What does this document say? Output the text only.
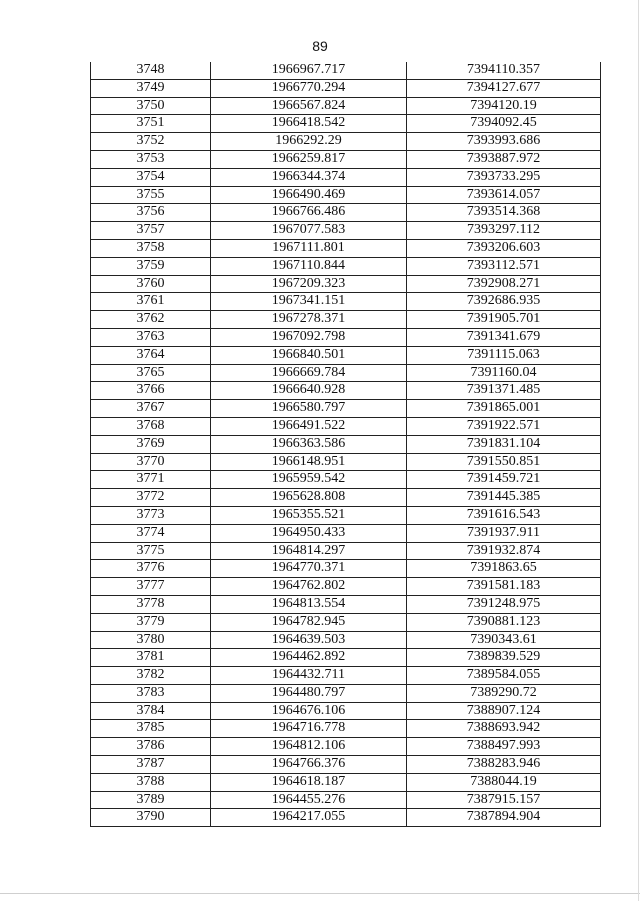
89
3748	1966967.717	7394110.357
3749	1966770.294	7394127.677
3750	1966567.824	7394120.19
3751	1966418.542	7394092.45
3752	1966292.29	7393993.686
3753	1966259.817	7393887.972
3754	1966344.374	7393733.295
3755	1966490.469	7393614.057
3756	1966766.486	7393514.368
3757	1967077.583	7393297.112
3758	1967111.801	7393206.603
3759	1967110.844	7393112.571
3760	1967209.323	7392908.271
3761	1967341.151	7392686.935
3762	1967278.371	7391905.701
3763	1967092.798	7391341.679
3764	1966840.501	7391115.063
3765	1966669.784	7391160.04
3766	1966640.928	7391371.485
3767	1966580.797	7391865.001
3768	1966491.522	7391922.571
3769	1966363.586	7391831.104
3770	1966148.951	7391550.851
3771	1965959.542	7391459.721
3772	1965628.808	7391445.385
3773	1965355.521	7391616.543
3774	1964950.433	7391937.911
3775	1964814.297	7391932.874
3776	1964770.371	7391863.65
3777	1964762.802	7391581.183
3778	1964813.554	7391248.975
3779	1964782.945	7390881.123
3780	1964639.503	7390343.61
3781	1964462.892	7389839.529
3782	1964432.711	7389584.055
3783	1964480.797	7389290.72
3784	1964676.106	7388907.124
3785	1964716.778	7388693.942
3786	1964812.106	7388497.993
3787	1964766.376	7388283.946
3788	1964618.187	7388044.19
3789	1964455.276	7387915.157
3790	1964217.055	7387894.904
